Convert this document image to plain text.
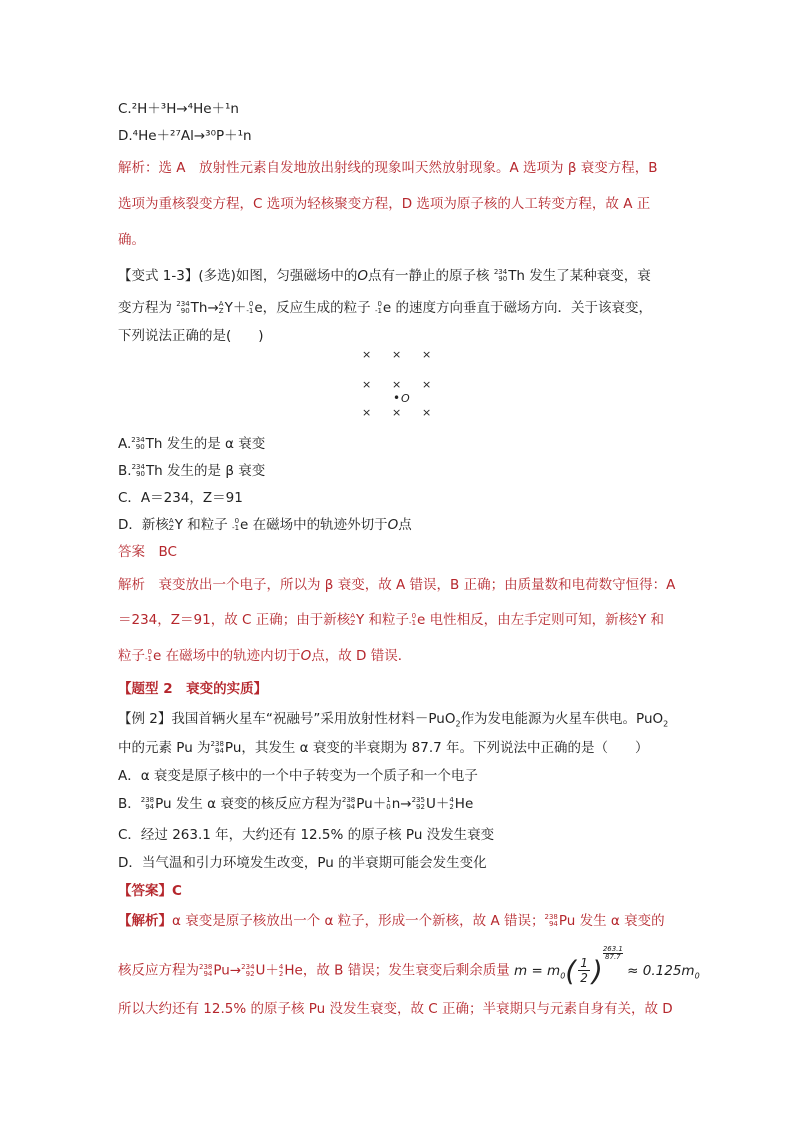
C.²H＋³H→⁴He＋¹n
D.⁴He＋²⁷Al→³⁰P＋¹n
解析：选 A　放射性元素自发地放出射线的现象叫天然放射现象。A 选项为 β 衰变方程，B
选项为重核裂变方程，C 选项为轻核聚变方程，D 选项为原子核的人工转变方程，故 A 正
确。
【变式 1-3】(多选)如图，匀强磁场中的O点有一静止的原子核 234
90 Th 发生了某种衰变，衰
变方程为 234
90 Th→ A
Z Y＋ 0
-1 e，反应生成的粒子 0
-1 e 的速度方向垂直于磁场方向．关于该衰变，
下列说法正确的是(　　)
× × ×
× × ×
• O
× × ×
A. 234
90 Th 发生的是 α 衰变
B. 234
90 Th 发生的是 β 衰变
C．A＝234，Z＝91
D．新核 A
Z Y 和粒子 0
-1 e 在磁场中的轨迹外切于O点
答案　BC
解析　衰变放出一个电子，所以为 β 衰变，故 A 错误，B 正确；由质量数和电荷数守恒得：A
＝234，Z＝91，故 C 正确；由于新核 A
Z Y 和粒子 0
-1 e 电性相反，由左手定则可知，新核 A
Z Y 和
粒子 0
-1 e 在磁场中的轨迹内切于O点，故 D 错误．
【题型 2　衰变的实质】
【例 2】我国首辆火星车“祝融号”采用放射性材料－PuO$_2$作为发电能源为火星车供电。PuO$_2$
中的元素 Pu 为 238
94 Pu，其发生 α 衰变的半衰期为 87.7 年。下列说法中正确的是（　　）
A．α 衰变是原子核中的一个中子转变为一个质子和一个电子
B． 238
94 Pu 发生 α 衰变的核反应方程为 238
94 Pu＋ 1
0 n→ 235
92 U＋ 4
2 He
C．经过 263.1 年，大约还有 12.5% 的原子核 Pu 没发生衰变
D．当气温和引力环境发生改变，Pu 的半衰期可能会发生变化
【答案】C
【解析】α 衰变是原子核放出一个 α 粒子，形成一个新核，故 A 错误； 238
94 Pu 发生 α 衰变的
核反应方程为 238
94 Pu→ 234
92 U＋ 4
2 He，故 B 错误；发生衰变后剩余质量 $m = m_0( \frac{1}{2}$ )
$\frac{263.1}{87.7} \approx 0.125m_0$
所以大约还有 12.5% 的原子核 Pu 没发生衰变，故 C 正确；半衰期只与元素自身有关，故 D
